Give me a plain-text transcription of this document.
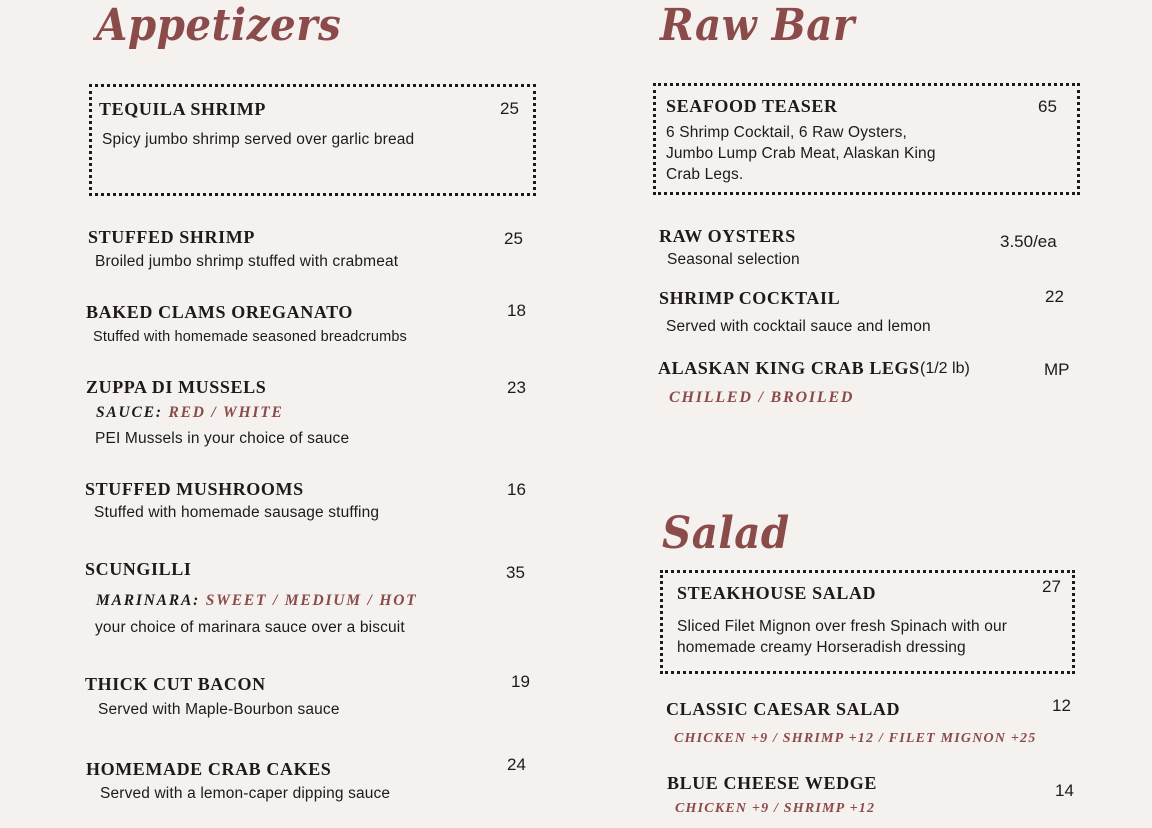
Appetizers
TEQUILA SHRIMP	25
Spicy jumbo shrimp served over garlic bread
STUFFED SHRIMP	25
Broiled jumbo shrimp stuffed with crabmeat
BAKED CLAMS OREGANATO	18
Stuffed with homemade seasoned breadcrumbs
ZUPPA DI MUSSELS	23
SAUCE: RED / WHITE
PEI Mussels in your choice of sauce
STUFFED MUSHROOMS	16
Stuffed with homemade sausage stuffing
SCUNGILLI	35
MARINARA: SWEET / MEDIUM / HOT
your choice of marinara sauce over a biscuit
THICK CUT BACON	19
Served with Maple-Bourbon sauce
HOMEMADE CRAB CAKES	24
Served with a lemon-caper dipping sauce
Raw Bar
SEAFOOD TEASER	65
6 Shrimp Cocktail, 6 Raw Oysters,
Jumbo Lump Crab Meat, Alaskan King
Crab Legs.
RAW OYSTERS	3.50/ea
Seasonal selection
SHRIMP COCKTAIL	22
Served with cocktail sauce and lemon
ALASKAN KING CRAB LEGS (1/2 lb)	MP
CHILLED / BROILED
Salad
STEAKHOUSE SALAD	27
Sliced Filet Mignon over fresh Spinach with our
homemade creamy Horseradish dressing
CLASSIC CAESAR SALAD	12
CHICKEN +9 / SHRIMP +12 / FILET MIGNON +25
BLUE CHEESE WEDGE	14
CHICKEN +9 / SHRIMP +12
